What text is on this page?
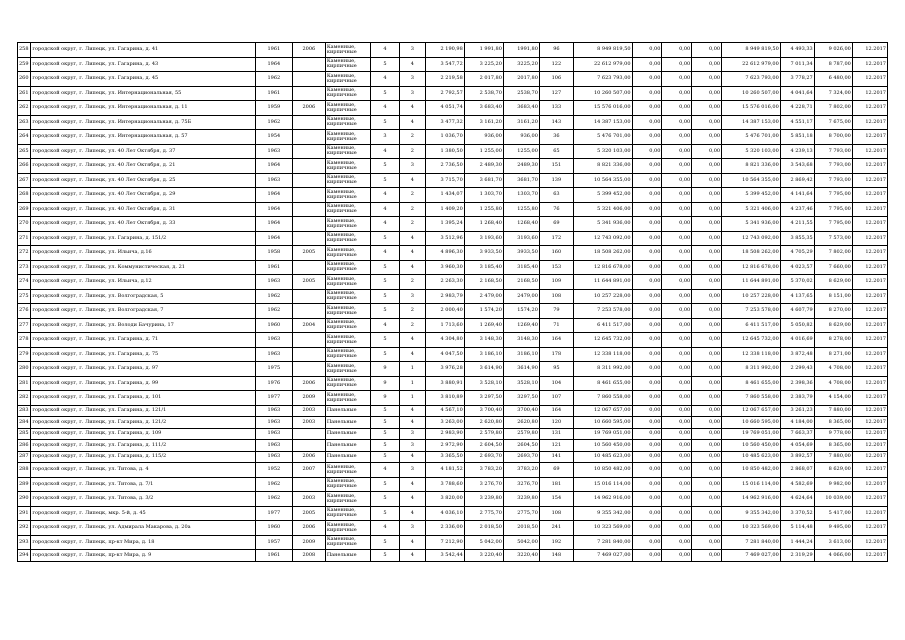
258	городской округ, г. Липецк, ул. Гагарина, д. 41	1961	2006	Каменные, кирпичные	4	3	2 190,98	1 991,80	1991,80	96	8 949 819,50	0,00	0,00	0,00	8 949 819,50	4 493,33	9 026,00	12.2017
259	городской округ, г. Липецк, ул. Гагарина, д. 43	1964		Каменные, кирпичные	5	4	3 547,72	3 225,20	3225,20	122	22 612 979,00	0,00	0,00	0,00	22 612 979,00	7 011,34	8 787,00	12.2017
260	городской округ, г. Липецк, ул. Гагарина, д. 45	1962		Каменные, кирпичные	4	3	2 219,58	2 017,80	2017,80	106	7 623 793,00	0,00	0,00	0,00	7 623 793,00	3 778,27	6 480,00	12.2017
261	городской округ, г. Липецк, ул. Интернациональная, 55	1961		Каменные, кирпичные	5	3	2 792,57	2 538,70	2538,70	127	10 260 507,00	0,00	0,00	0,00	10 260 507,00	4 041,64	7 324,00	12.2017
262	городской округ, г. Липецк, ул. Интернациональная, д. 11	1959	2006	Каменные, кирпичные	4	4	4 051,74	3 683,40	3683,40	133	15 576 016,00	0,00	0,00	0,00	15 576 016,00	4 228,71	7 802,00	12.2017
263	городской округ, г. Липецк, ул. Интернациональная, д. 75Б	1962		Каменные, кирпичные	5	4	3 477,32	3 161,20	3161,20	143	14 387 153,00	0,00	0,00	0,00	14 387 153,00	4 551,17	7 675,00	12.2017
264	городской округ, г. Липецк, ул. Интернациональная, д. 57	1954		Каменные, кирпичные	3	2	1 036,70	936,00	936,00	36	5 476 701,00	0,00	0,00	0,00	5 476 701,00	5 851,18	8 700,00	12.2017
265	городской округ, г. Липецк, ул. 40 Лет Октября, д. 37	1963		Каменные, кирпичные	4	2	1 380,50	1 255,00	1255,00	65	5 320 103,00	0,00	0,00	0,00	5 320 103,00	4 239,13	7 793,00	12.2017
266	городской округ, г. Липецк, ул. 40 Лет Октября, д. 21	1964		Каменные, кирпичные	5	3	2 736,50	2 489,30	2489,30	151	8 821 336,00	0,00	0,00	0,00	8 821 336,00	3 543,68	7 793,00	12.2017
267	городской округ, г. Липецк, ул. 40 Лет Октября, д. 25	1963		Каменные, кирпичные	5	4	3 715,70	3 681,70	3681,70	139	10 564 355,00	0,00	0,00	0,00	10 564 355,00	2 869,42	7 793,00	12.2017
268	городской округ, г. Липецк, ул. 40 Лет Октября, д. 29	1964		Каменные, кирпичные	4	2	1 434,07	1 303,70	1303,70	63	5 399 452,00	0,00	0,00	0,00	5 399 452,00	4 141,64	7 795,00	12.2017
269	городской округ, г. Липецк, ул. 40 Лет Октября, д. 31	1964		Каменные, кирпичные	4	2	1 409,20	1 255,80	1255,80	76	5 321 406,00	0,00	0,00	0,00	5 321 406,00	4 237,46	7 795,00	12.2017
270	городской округ, г. Липецк, ул. 40 Лет Октября, д. 33	1964		Каменные, кирпичные	4	2	1 395,24	1 268,40	1268,40	69	5 341 936,00	0,00	0,00	0,00	5 341 936,00	4 211,55	7 795,00	12.2017
271	городской округ, г. Липецк, ул. Гагарина, д. 151/2	1964		Каменные, кирпичные	5	4	3 512,96	3 193,60	3193,60	172	12 743 092,00	0,00	0,00	0,00	12 743 092,00	3 855,35	7 573,00	12.2017
272	городской округ, г. Липецк, ул. Ильича, д.16	1958	2005	Каменные, кирпичные	4	4	4 896,30	3 933,50	3933,50	160	18 508 262,00	0,00	0,00	0,00	18 508 262,00	4 705,29	7 802,00	12.2017
273	городской округ, г. Липецк, ул. Коммунистическая, д. 21	1961		Каменные, кирпичные	5	4	3 960,30	3 185,40	3185,40	153	12 816 678,00	0,00	0,00	0,00	12 816 678,00	4 023,57	7 660,00	12.2017
274	городской округ, г. Липецк, ул. Ильича, д.12	1963	2005	Каменные, кирпичные	5	2	2 263,30	2 168,50	2168,50	109	11 644 891,00	0,00	0,00	0,00	11 644 891,00	5 370,02	8 629,00	12.2017
275	городской округ, г. Липецк, ул. Волгоградская, 5	1962		Каменные, кирпичные	5	3	2 983,79	2 479,00	2479,00	108	10 257 228,00	0,00	0,00	0,00	10 257 228,00	4 137,65	8 151,00	12.2017
276	городской округ, г. Липецк, ул. Волгоградская, 7	1962		Каменные, кирпичные	5	2	2 000,40	1 574,20	1574,20	79	7 253 578,00	0,00	0,00	0,00	7 253 578,00	4 607,79	8 270,00	12.2017
277	городской округ, г. Липецк, ул. Володи Бачурина, 17	1960	2004	Каменные, кирпичные	4	2	1 713,60	1 269,40	1269,40	71	6 411 517,00	0,00	0,00	0,00	6 411 517,00	5 050,82	8 629,00	12.2017
278	городской округ, г. Липецк, ул. Гагарина, д. 71	1963		Каменные, кирпичные	5	4	4 304,80	3 148,30	3148,30	164	12 645 732,00	0,00	0,00	0,00	12 645 732,00	4 016,69	8 278,00	12.2017
279	городской округ, г. Липецк, ул. Гагарина, д. 75	1963		Каменные, кирпичные	5	4	4 047,50	3 186,10	3186,10	178	12 338 118,00	0,00	0,00	0,00	12 338 118,00	3 872,48	8 271,00	12.2017
280	городской округ, г. Липецк, ул. Гагарина, д. 97	1975		Каменные, кирпичные	9	1	3 976,28	3 614,90	3614,90	95	8 311 992,00	0,00	0,00	0,00	8 311 992,00	2 299,43	4 708,00	12.2017
281	городской округ, г. Липецк, ул. Гагарина, д. 99	1976	2006	Каменные, кирпичные	9	1	3 880,91	3 528,10	3528,10	104	8 461 655,00	0,00	0,00	0,00	8 461 655,00	2 398,36	4 708,00	12.2017
282	городской округ, г. Липецк, ул. Гагарина, д. 101	1977	2009	Каменные, кирпичные	9	1	3 810,89	3 297,50	3297,50	107	7 860 558,00	0,00	0,00	0,00	7 860 558,00	2 383,79	4 154,00	12.2017
283	городской округ, г. Липецк, ул. Гагарина, д. 121/1	1963	2003	Панельные	5	4	4 567,10	3 700,40	3700,40	164	12 067 657,00	0,00	0,00	0,00	12 067 657,00	3 261,23	7 880,00	12.2017
284	городской округ, г. Липецк, ул. Гагарина, д. 121/2	1963	2003	Панельные	5	4	3 263,00	2 620,80	2620,80	120	10 660 595,00	0,00	0,00	0,00	10 660 595,00	4 184,00	8 365,00	12.2017
285	городской округ, г. Липецк, ул. Гагарина, д. 109	1963		Панельные	5	3	2 983,90	2 579,80	2579,80	131	19 769 051,00	0,00	0,00	0,00	19 769 051,00	7 663,37	9 778,00	12.2017
286	городской округ, г. Липецк, ул. Гагарина, д. 111/2	1963		Панельные	5	3	2 972,90	2 604,50	2604,50	121	10 560 450,00	0,00	0,00	0,00	10 560 450,00	4 054,69	8 365,00	12.2017
287	городской округ, г. Липецк, ул. Гагарина, д. 115/2	1963	2006	Панельные	5	4	3 365,50	2 693,70	2693,70	141	10 485 623,00	0,00	0,00	0,00	10 485 623,00	3 892,57	7 880,00	12.2017
288	городской округ, г. Липецк, ул. Титова, д. 4	1952	2007	Каменные, кирпичные	4	3	4 181,52	3 783,20	3783,20	69	10 850 482,00	0,00	0,00	0,00	10 850 482,00	2 868,07	8 629,00	12.2017
289	городской округ, г. Липецк, ул. Титова, д. 7/1	1962		Каменные, кирпичные	5	4	3 788,60	3 276,70	3276,70	181	15 016 114,00	0,00	0,00	0,00	15 016 114,00	4 582,69	9 982,00	12.2017
290	городской округ, г. Липецк, ул. Титова, д. 3/2	1962	2003	Каменные, кирпичные	5	4	3 820,00	3 239,80	3239,80	154	14 962 916,00	0,00	0,00	0,00	14 962 916,00	4 624,64	10 039,00	12.2017
291	городской округ, г. Липецк, мкр. 5-й, д. 45	1977	2005	Каменные, кирпичные	5	4	4 036,10	2 775,70	2775,70	108	9 355 342,00	0,00	0,00	0,00	9 355 342,00	3 370,52	5 417,00	12.2017
292	городской округ, г. Липецк, ул. Адмирала Макарова, д. 20а	1960	2006	Каменные, кирпичные	4	3	2 336,00	2 018,50	2018,50	241	10 323 569,00	0,00	0,00	0,00	10 323 569,00	5 114,48	9 495,00	12.2017
293	городской округ, г. Липецк, пр-кт Мира, д. 18	1957	2009	Каменные, кирпичные	5	4	7 212,90	5 042,00	5042,00	192	7 281 840,00	0,00	0,00	0,00	7 281 840,00	1 444,24	3 613,00	12.2017
294	городской округ, г. Липецк, пр-кт Мира, д. 9	1961	2008	Панельные	5	4	3 542,44	3 220,40	3220,40	148	7 469 027,00	0,00	0,00	0,00	7 469 027,00	2 319,29	4 066,00	12.2017
